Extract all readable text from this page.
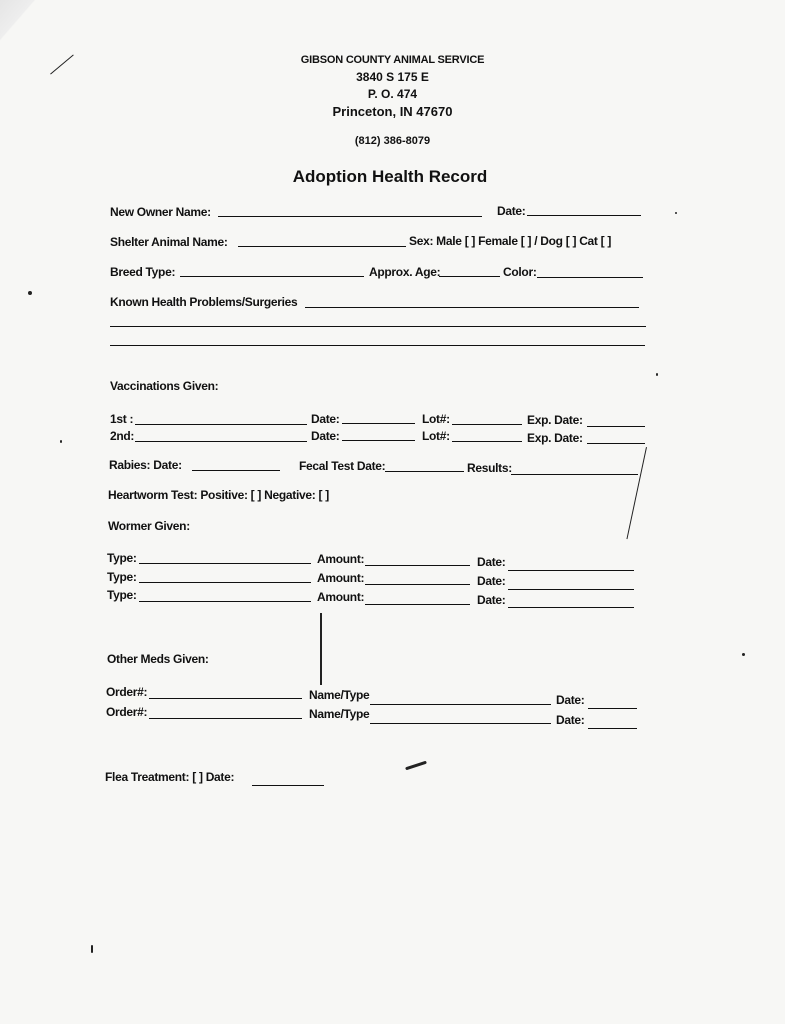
GIBSON COUNTY ANIMAL SERVICE
3840 S 175 E
P. O. 474
Princeton, IN 47670
(812) 386-8079
Adoption Health Record
New Owner Name:	Date:
Shelter Animal Name:	Sex: Male [ ] Female [ ] / Dog [ ] Cat [ ]
Breed Type:	Approx. Age:	Color:
Known Health Problems/Surgeries
Vaccinations Given:
1st :	Date:	Lot#:	Exp. Date:
2nd:	Date:	Lot#:	Exp. Date:
Rabies: Date:	Fecal Test Date:	Results:
Heartworm Test: Positive: [ ] Negative: [ ]
Wormer Given:
Type:	Amount:	Date:
Type:	Amount:	Date:
Type:	Amount:	Date:
Other Meds Given:
Order#:	Name/Type	Date:
Order#:	Name/Type	Date:
Flea Treatment: [ ] Date:
